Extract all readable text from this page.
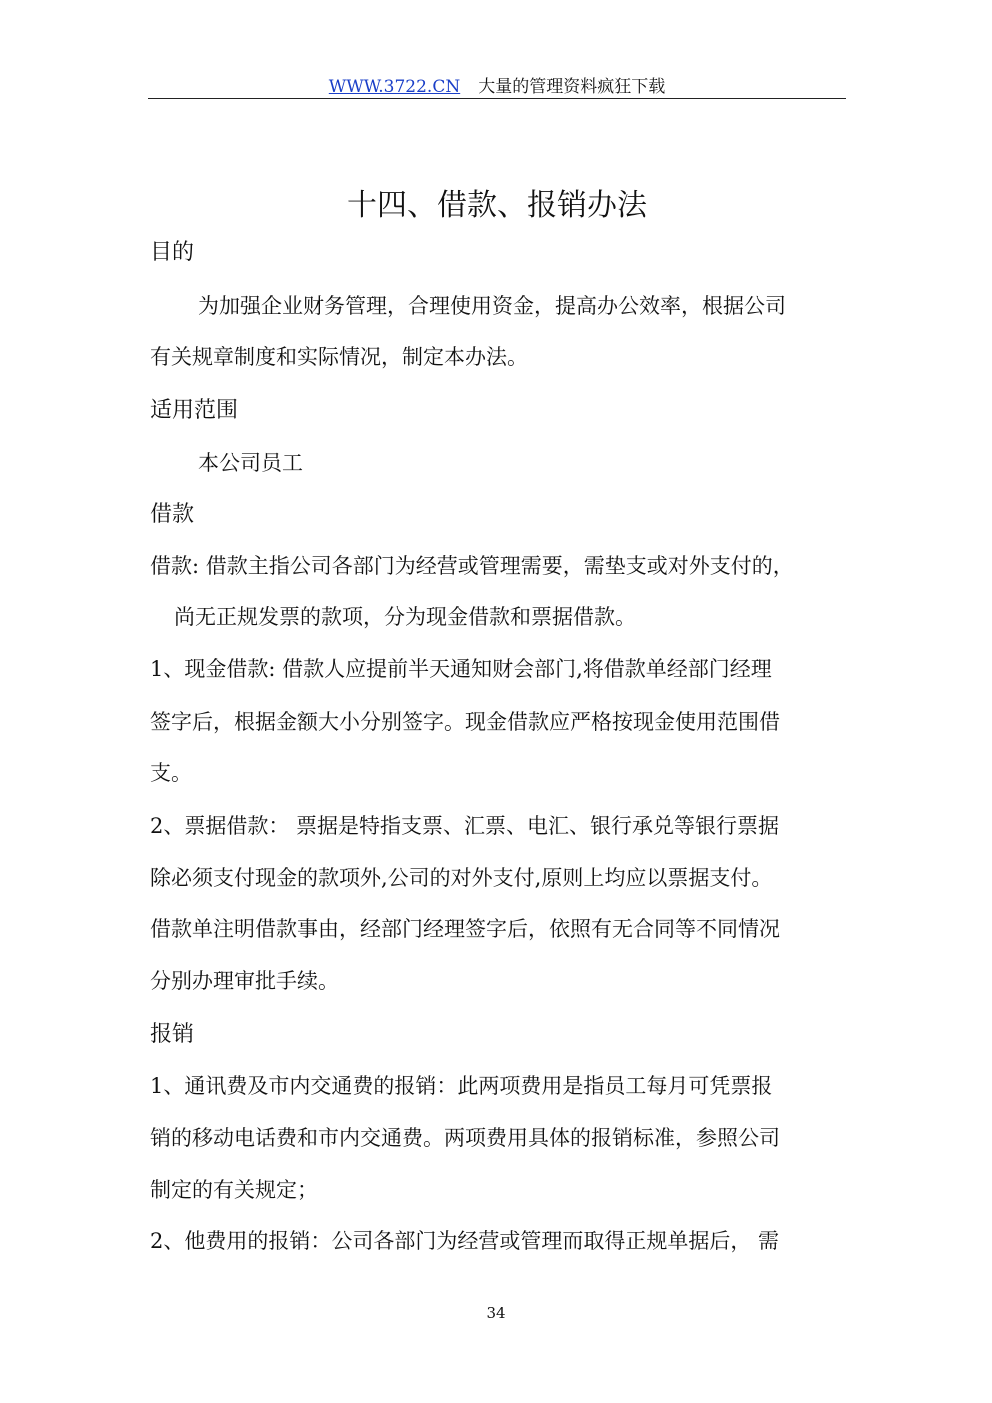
WWW.3722.CN 大量的管理资料疯狂下载
十四、借款、报销办法
目的
为加强企业财务管理，合理使用资金，提高办公效率，根据公司
有关规章制度和实际情况，制定本办法。
适用范围
本公司员工
借款
借款: 借款主指公司各部门为经营或管理需要，需垫支或对外支付的，
尚无正规发票的款项，分为现金借款和票据借款。
1、现金借款: 借款人应提前半天通知财会部门,将借款单经部门经理
签字后，根据金额大小分别签字。现金借款应严格按现金使用范围借
支。
2、票据借款： 票据是特指支票、汇票、电汇、银行承兑等银行票据
除必须支付现金的款项外,公司的对外支付,原则上均应以票据支付。
借款单注明借款事由，经部门经理签字后，依照有无合同等不同情况
分别办理审批手续。
报销
1、通讯费及市内交通费的报销：此两项费用是指员工每月可凭票报
销的移动电话费和市内交通费。两项费用具体的报销标准，参照公司
制定的有关规定；
2、他费用的报销：公司各部门为经营或管理而取得正规单据后， 需
34
